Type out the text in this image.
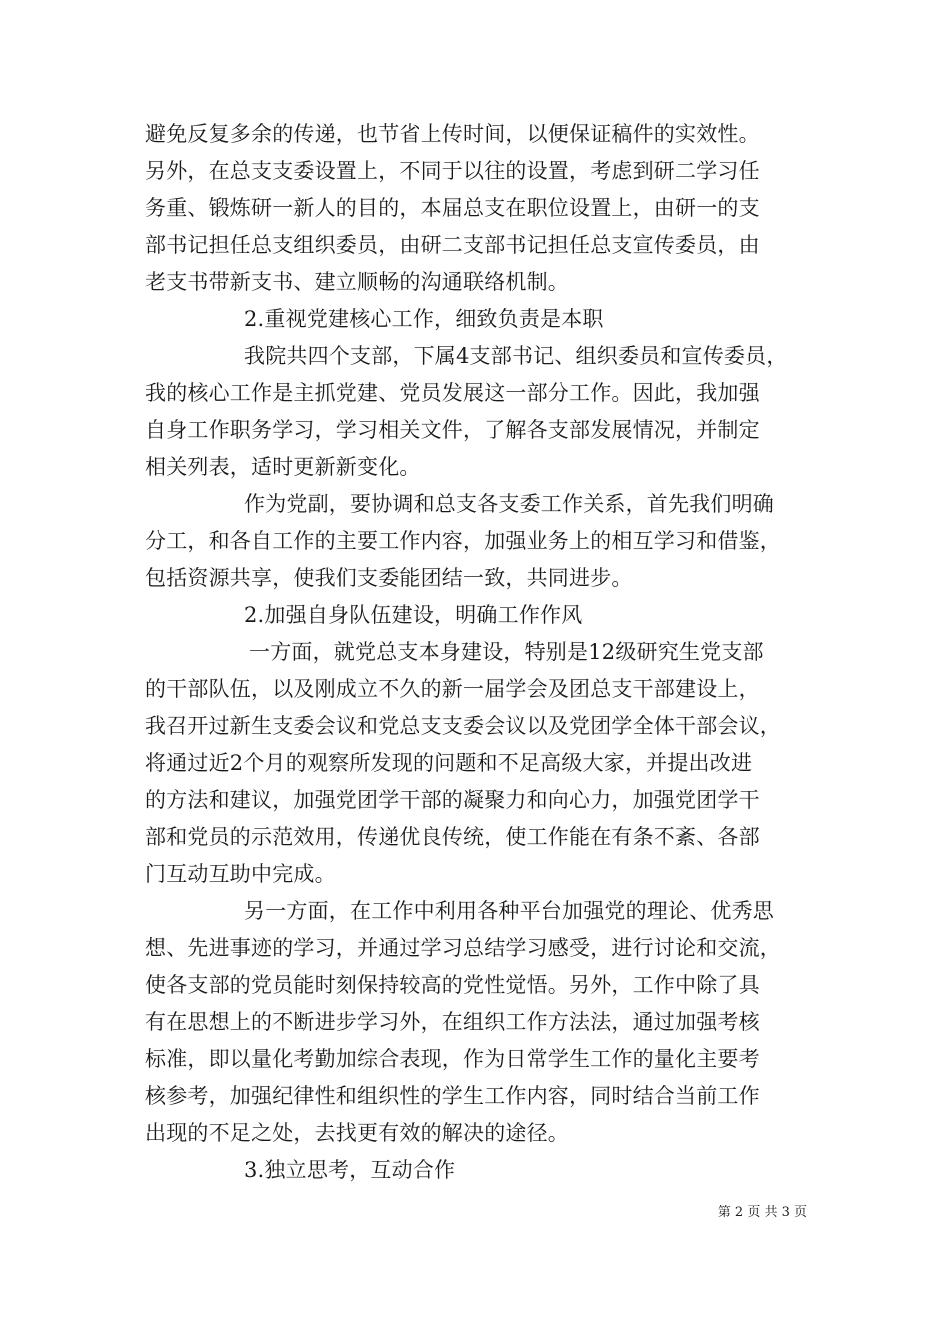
避免反复多余的传递，也节省上传时间，以便保证稿件的实效性。
另外，在总支支委设置上，不同于以往的设置，考虑到研二学习任
务重、锻炼研一新人的目的，本届总支在职位设置上，由研一的支
部书记担任总支组织委员，由研二支部书记担任总支宣传委员，由
老支书带新支书、建立顺畅的沟通联络机制。
2.重视党建核心工作，细致负责是本职
我院共四个支部，下属4支部书记、组织委员和宣传委员，
我的核心工作是主抓党建、党员发展这一部分工作。因此，我加强
自身工作职务学习，学习相关文件，了解各支部发展情况，并制定
相关列表，适时更新新变化。
作为党副，要协调和总支各支委工作关系，首先我们明确
分工，和各自工作的主要工作内容，加强业务上的相互学习和借鉴，
包括资源共享，使我们支委能团结一致，共同进步。
2.加强自身队伍建设，明确工作作风
一方面，就党总支本身建设，特别是12级研究生党支部
的干部队伍，以及刚成立不久的新一届学会及团总支干部建设上，
我召开过新生支委会议和党总支支委会议以及党团学全体干部会议，
将通过近2个月的观察所发现的问题和不足高级大家，并提出改进
的方法和建议，加强党团学干部的凝聚力和向心力，加强党团学干
部和党员的示范效用，传递优良传统，使工作能在有条不紊、各部
门互动互助中完成。
另一方面，在工作中利用各种平台加强党的理论、优秀思
想、先进事迹的学习，并通过学习总结学习感受，进行讨论和交流，
使各支部的党员能时刻保持较高的党性觉悟。另外，工作中除了具
有在思想上的不断进步学习外，在组织工作方法法，通过加强考核
标准，即以量化考勤加综合表现，作为日常学生工作的量化主要考
核参考，加强纪律性和组织性的学生工作内容，同时结合当前工作
出现的不足之处，去找更有效的解决的途径。
3.独立思考，互动合作
第 2 页 共 3 页
